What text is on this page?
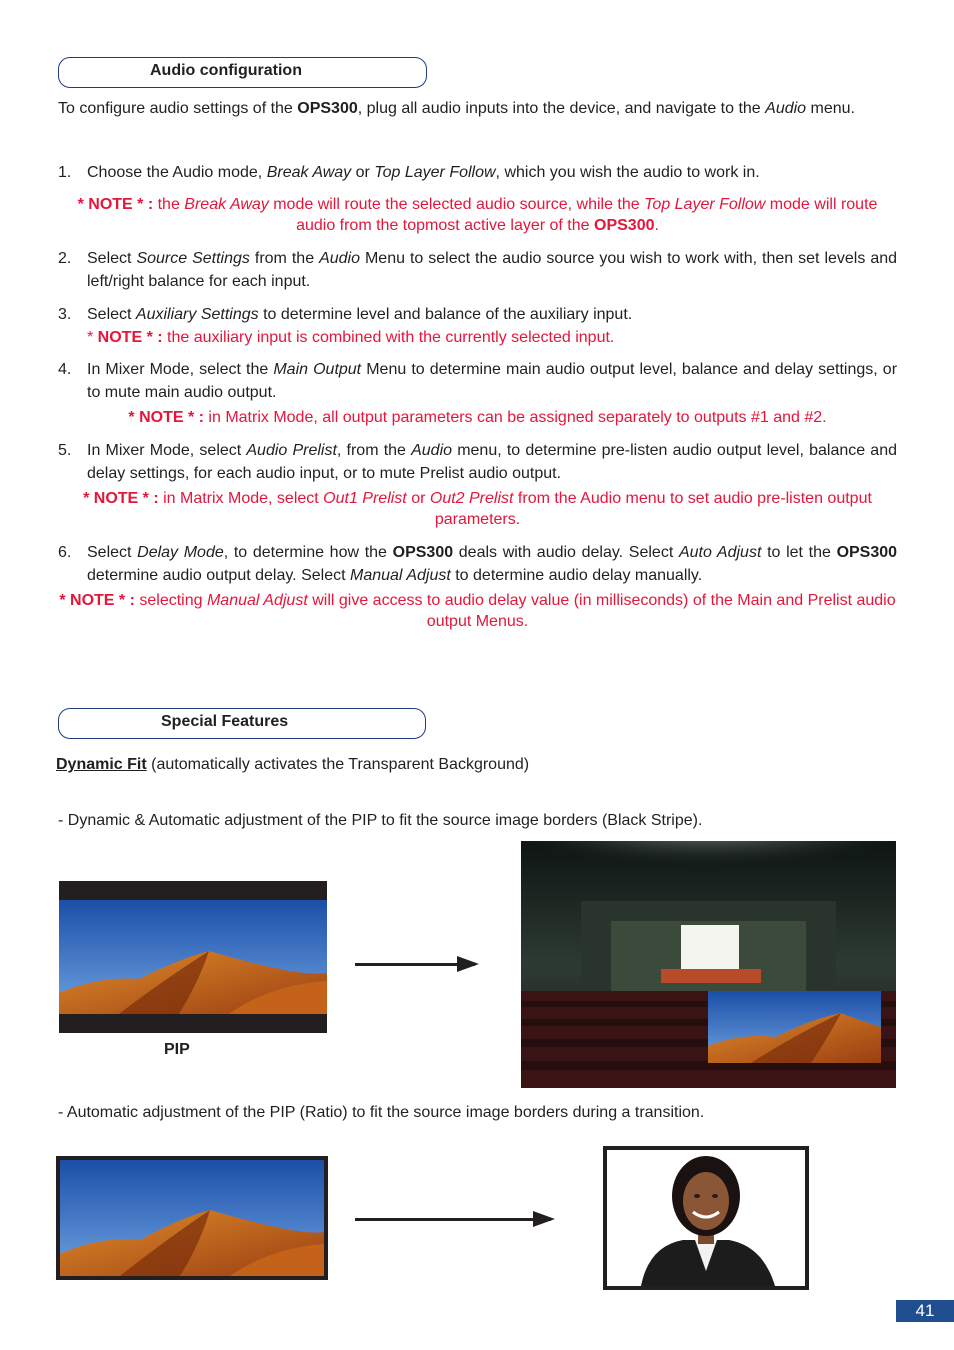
Audio configuration

To configure audio settings of the OPS300, plug all audio inputs into the device, and navigate to the Audio menu.

1. Choose the Audio mode, Break Away or Top Layer Follow, which you wish the audio to work in.
* NOTE * : the Break Away mode will route the selected audio source, while the Top Layer Follow mode will route audio from the topmost active layer of the OPS300.
2. Select Source Settings from the Audio Menu to select the audio source you wish to work with, then set levels and left/right balance for each input.
3. Select Auxiliary Settings to determine level and balance of the auxiliary input.
* NOTE * : the auxiliary input is combined with the currently selected input.
4. In Mixer Mode, select the Main Output Menu to determine main audio output level, balance and delay settings, or to mute main audio output.
* NOTE * : in Matrix Mode, all output parameters can be assigned separately to outputs #1 and #2.
5. In Mixer Mode, select Audio Prelist, from the Audio menu, to determine pre-listen audio output level, balance and delay settings, for each audio input, or to mute Prelist audio output.
* NOTE * : in Matrix Mode, select Out1 Prelist or Out2 Prelist from the Audio menu to set audio pre-listen output parameters.
6. Select Delay Mode, to determine how the OPS300 deals with audio delay. Select Auto Adjust to let the OPS300 determine audio output delay. Select Manual Adjust to determine audio delay manually.
* NOTE * : selecting Manual Adjust will give access to audio delay value (in milliseconds) of the Main and Prelist audio output Menus.
Special Features
Dynamic Fit (automatically activates the Transparent Background)
- Dynamic & Automatic adjustment of the PIP to fit the source image borders (Black Stripe).
PIP
- Automatic adjustment of the PIP (Ratio) to fit the source image borders during a transition.
41
